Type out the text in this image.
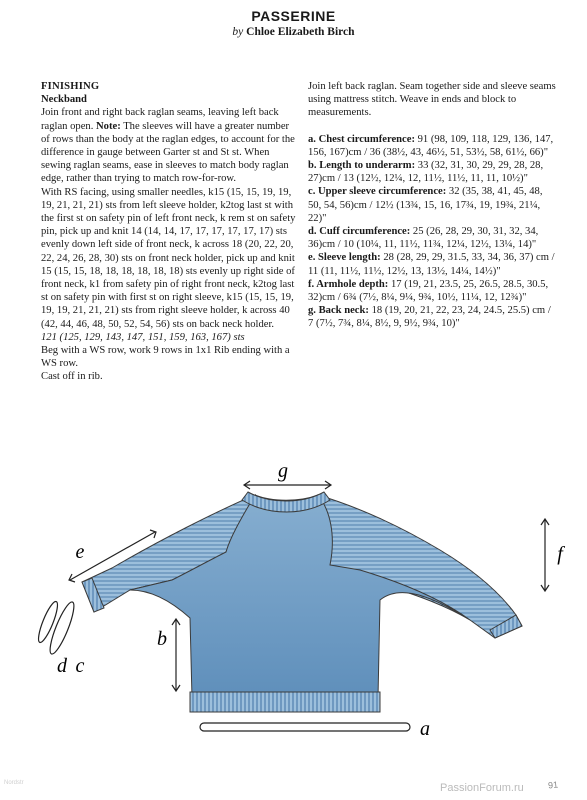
PASSERINE
by Chloe Elizabeth Birch

FINISHING

Neckband

Join front and right back raglan seams, leaving left back raglan open. Note: The sleeves will have a greater number of rows than the body at the raglan edges, to account for the difference in gauge between Garter st and St st. When sewing raglan seams, ease in sleeves to match body raglan edge, rather than trying to match row-for-row.

With RS facing, using smaller needles, k15 (15, 15, 19, 19, 19, 21, 21, 21) sts from left sleeve holder, k2tog last st with the first st on safety pin of left front neck, k rem st on safety pin, pick up and knit 14 (14, 14, 17, 17, 17, 17, 17, 17) sts evenly down left side of front neck, k across 18 (20, 22, 20, 22, 24, 26, 28, 30) sts on front neck holder, pick up and knit 15 (15, 15, 18, 18, 18, 18, 18, 18) sts evenly up right side of front neck, k1 from safety pin of right front neck, k2tog last st on safety pin with first st on right sleeve, k15 (15, 15, 19, 19, 19, 21, 21, 21) sts from right sleeve holder, k across 40 (42, 44, 46, 48, 50, 52, 54, 56) sts on back neck holder.

121 (125, 129, 143, 147, 151, 159, 163, 167) sts

Beg with a WS row, work 9 rows in 1x1 Rib ending with a WS row.

Cast off in rib.

Join left back raglan. Seam together side and sleeve seams using mattress stitch. Weave in ends and block to measurements.

a. Chest circumference: 91 (98, 109, 118, 129, 136, 147, 156, 167)cm / 36 (38½, 43, 46½, 51, 53½, 58, 61½, 66)"

b. Length to underarm: 33 (32, 31, 30, 29, 29, 28, 28, 27)cm / 13 (12½, 12¼, 12, 11½, 11½, 11, 11, 10½)"

c. Upper sleeve circumference: 32 (35, 38, 41, 45, 48, 50, 54, 56)cm / 12½ (13¾, 15, 16, 17¾, 19, 19¾, 21¼, 22)"

d. Cuff circumference: 25 (26, 28, 29, 30, 31, 32, 34, 36)cm / 10 (10¼, 11, 11½, 11¾, 12¼, 12½, 13¼, 14)"

e. Sleeve length: 28 (28, 29, 29, 31.5, 33, 34, 36, 37) cm / 11 (11, 11½, 11½, 12½, 13, 13½, 14¼, 14½)"

f. Armhole depth: 17 (19, 21, 23.5, 25, 26.5, 28.5, 30.5, 32)cm / 6¾ (7½, 8¼, 9¼, 9¾, 10½, 11¼, 12, 12¾)"

g. Back neck: 18 (19, 20, 21, 22, 23, 24, 24.5, 25.5) cm / 7 (7½, 7¾, 8¼, 8½, 9, 9½, 9¾, 10)"

g
e	f
b
a
d c
Nordstr	PassionForum.ru	91
